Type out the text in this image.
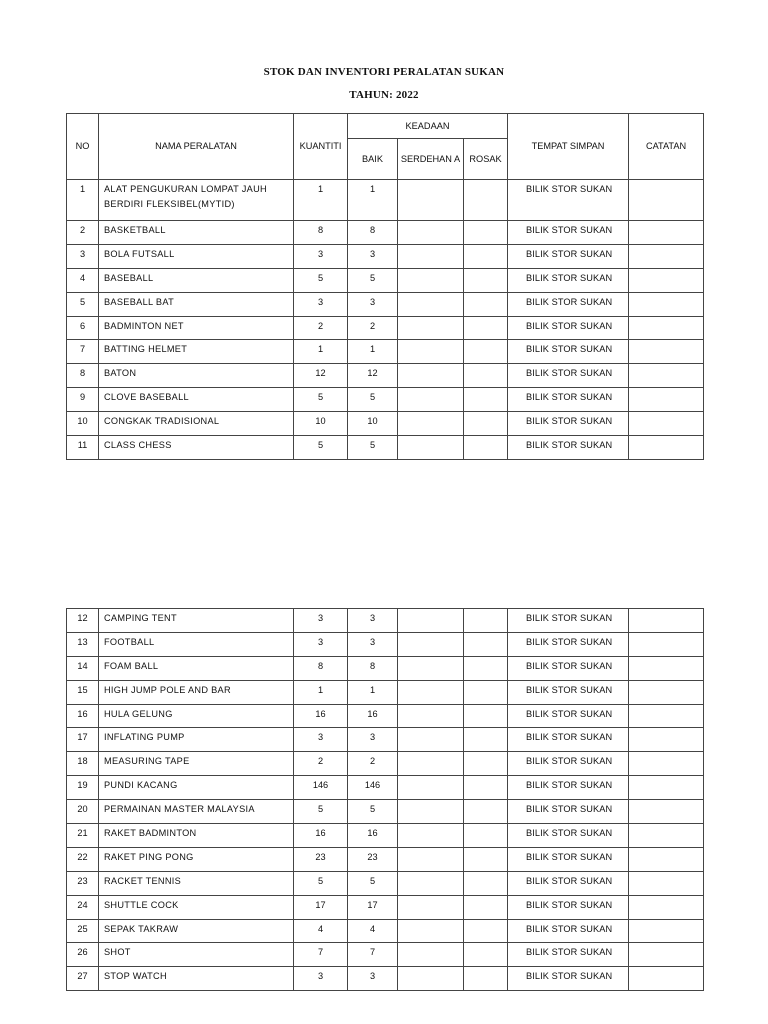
STOK DAN INVENTORI PERALATAN SUKAN
TAHUN: 2022
NO	NAMA PERALATAN	KUANTITI	KEADAAN			TEMPAT SIMPAN	CATATAN
			BAIK	SERDEHAN A	ROSAK		
1	ALAT PENGUKURAN LOMPAT JAUH BERDIRI FLEKSIBEL(MYTID)	1	1			BILIK STOR SUKAN	
2	BASKETBALL	8	8			BILIK STOR SUKAN	
3	BOLA FUTSALL	3	3			BILIK STOR SUKAN	
4	BASEBALL	5	5			BILIK STOR SUKAN	
5	BASEBALL BAT	3	3			BILIK STOR SUKAN	
6	BADMINTON NET	2	2			BILIK STOR SUKAN	
7	BATTING HELMET	1	1			BILIK STOR SUKAN	
8	BATON	12	12			BILIK STOR SUKAN	
9	CLOVE BASEBALL	5	5			BILIK STOR SUKAN	
10	CONGKAK TRADISIONAL	10	10			BILIK STOR SUKAN	
11	CLASS CHESS	5	5			BILIK STOR SUKAN	
12	CAMPING TENT	3	3			BILIK STOR SUKAN	
13	FOOTBALL	3	3			BILIK STOR SUKAN	
14	FOAM BALL	8	8			BILIK STOR SUKAN	
15	HIGH JUMP POLE AND BAR	1	1			BILIK STOR SUKAN	
16	HULA GELUNG	16	16			BILIK STOR SUKAN	
17	INFLATING PUMP	3	3			BILIK STOR SUKAN	
18	MEASURING TAPE	2	2			BILIK STOR SUKAN	
19	PUNDI KACANG	146	146			BILIK STOR SUKAN	
20	PERMAINAN MASTER MALAYSIA	5	5			BILIK STOR SUKAN	
21	RAKET BADMINTON	16	16			BILIK STOR SUKAN	
22	RAKET PING PONG	23	23			BILIK STOR SUKAN	
23	RACKET TENNIS	5	5			BILIK STOR SUKAN	
24	SHUTTLE COCK	17	17			BILIK STOR SUKAN	
25	SEPAK TAKRAW	4	4			BILIK STOR SUKAN	
26	SHOT	7	7			BILIK STOR SUKAN	
27	STOP WATCH	3	3			BILIK STOR SUKAN	
